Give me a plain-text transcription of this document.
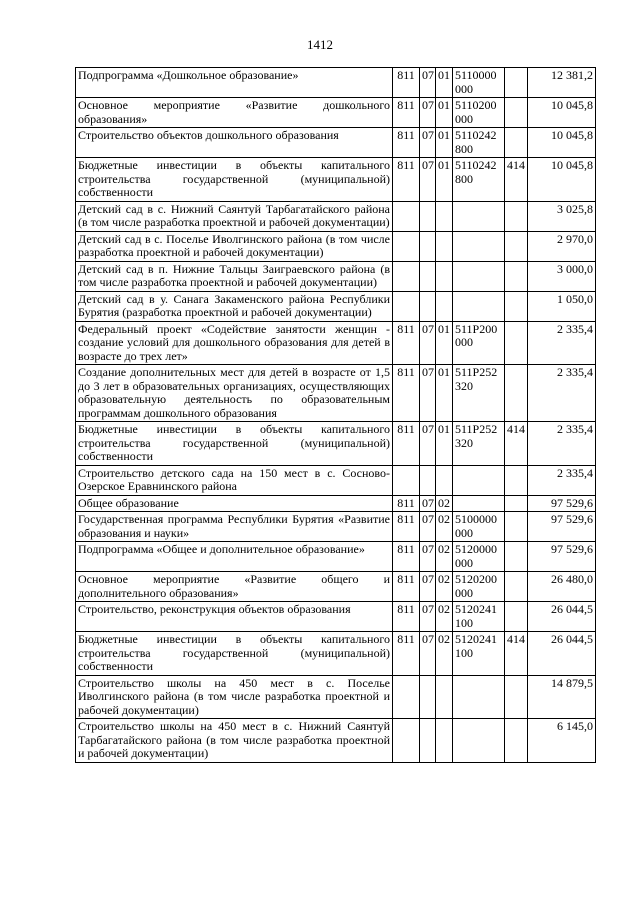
1412
Подпрограмма «Дошкольное образование»	811	07	01	5110000000		12 381,2
Основное мероприятие «Развитие дошкольного образования»	811	07	01	5110200000		10 045,8
Строительство объектов дошкольного образования	811	07	01	5110242800		10 045,8
Бюджетные инвестиции в объекты капитального строительства государственной (муниципальной) собственности	811	07	01	5110242800	414	10 045,8
Детский сад в с. Нижний Саянтуй Тарбагатайского района (в том числе разработка проектной и рабочей документации)						3 025,8
Детский сад в с. Поселье Иволгинского района (в том числе разработка проектной и рабочей документации)						2 970,0
Детский сад в п. Нижние Тальцы Заиграевского района (в том числе разработка проектной и рабочей документации)						3 000,0
Детский сад в у. Санага Закаменского района Республики Бурятия (разработка проектной и рабочей документации)						1 050,0
Федеральный проект «Содействие занятости женщин - создание условий для дошкольного образования для детей в возрасте до трех лет»	811	07	01	511P200000		2 335,4
Создание дополнительных мест для детей в возрасте от 1,5 до 3 лет в образовательных организациях, осуществляющих образовательную деятельность по образовательным программам дошкольного образования	811	07	01	511P252320		2 335,4
Бюджетные инвестиции в объекты капитального строительства государственной (муниципальной) собственности	811	07	01	511P252320	414	2 335,4
Строительство детского сада на 150 мест в с. Сосново-Озерское Еравнинского района						2 335,4
Общее образование	811	07	02			97 529,6
Государственная программа Республики Бурятия «Развитие образования и науки»	811	07	02	5100000000		97 529,6
Подпрограмма «Общее и дополнительное образование»	811	07	02	5120000000		97 529,6
Основное мероприятие «Развитие общего и дополнительного образования»	811	07	02	5120200000		26 480,0
Строительство, реконструкция объектов образования	811	07	02	5120241100		26 044,5
Бюджетные инвестиции в объекты капитального строительства государственной (муниципальной) собственности	811	07	02	5120241100	414	26 044,5
Строительство школы на 450 мест в с. Поселье Иволгинского района (в том числе разработка проектной и рабочей документации)						14 879,5
Строительство школы на 450 мест в с. Нижний Саянтуй Тарбагатайского района (в том числе разработка проектной и рабочей документации)						6 145,0
